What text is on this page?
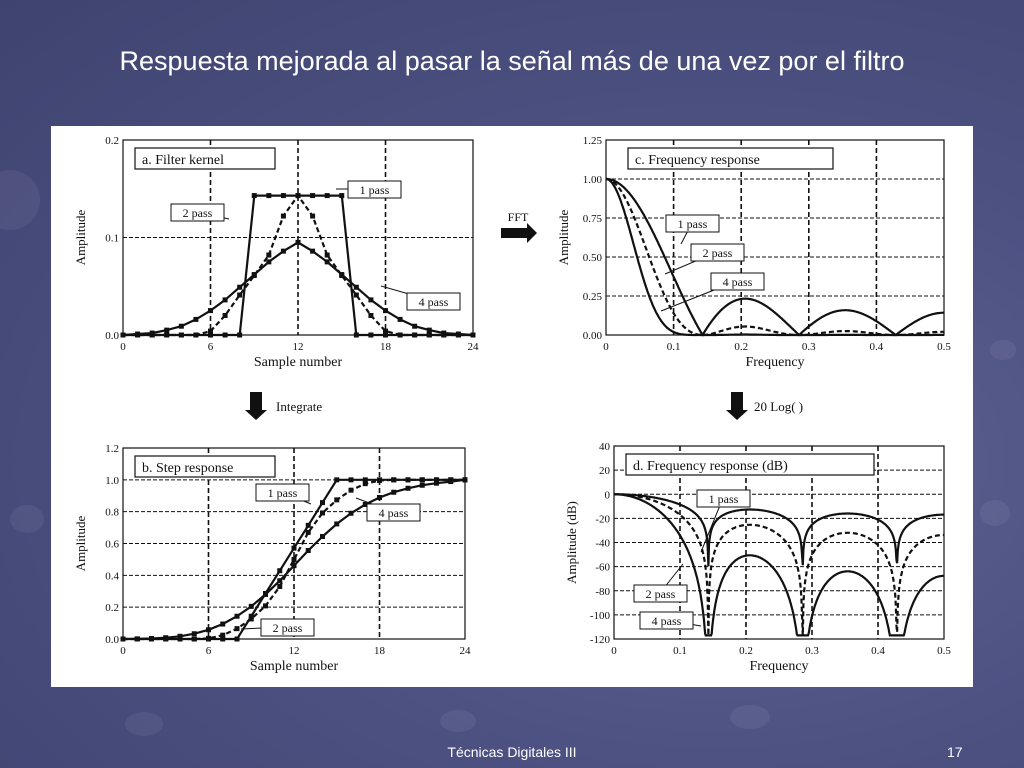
Respuesta mejorada al pasar la señal más de una vez por el filtro
0.0
0.1
0.2
0	6	12	18	24
Sample number
Amplitude
a. Filter kernel
1 pass
2 pass
4 pass
0.0
0.2
0.4
0.6
0.8
1.0
1.2
0	6	12	18	24
Sample number
Amplitude
b. Step response
1 pass
4 pass
2 pass
0.00
0.25
0.50
0.75
1.00
1.25
0	0.1	0.2	0.3	0.4	0.5
Frequency
Amplitude
c. Frequency response
1 pass
2 pass
4 pass
-120
-100
-80
-60
-40
-20
0
20
40
0	0.1	0.2	0.3	0.4	0.5
Frequency
Amplitude (dB)
d. Frequency response (dB)
1 pass
2 pass
4 pass
FFT
Integrate	20 Log( )
Técnicas Digitales III	17
